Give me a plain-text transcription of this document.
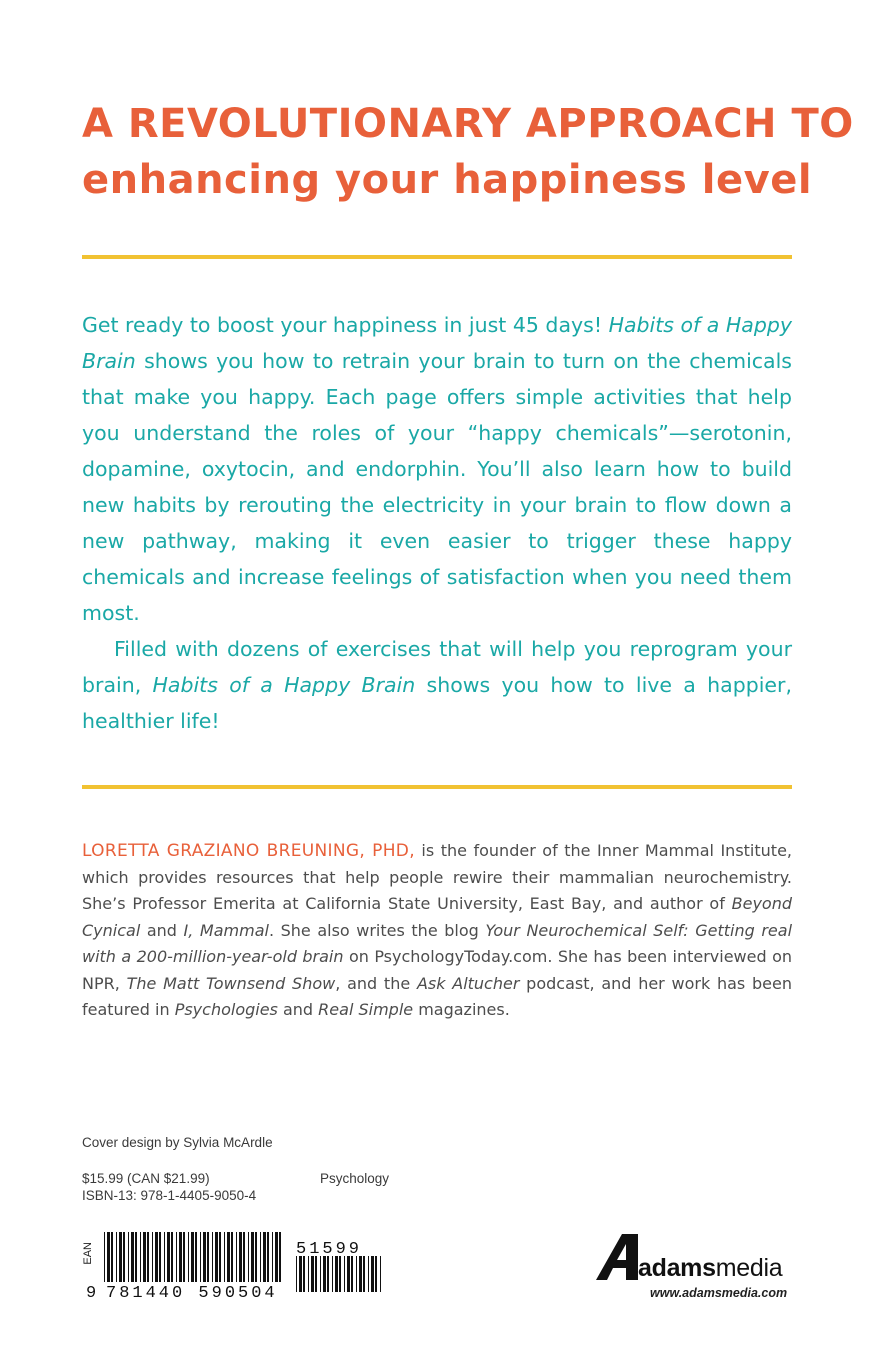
A REVOLUTIONARY APPROACH TO
enhancing your happiness level

Get ready to boost your happiness in just 45 days! Habits of a Happy Brain shows you how to retrain your brain to turn on the chemicals that make you happy. Each page offers simple activities that help you understand the roles of your “happy chemicals”—serotonin, dopamine, oxytocin, and endorphin. You’ll also learn how to build new habits by rerouting the electricity in your brain to flow down a new pathway, making it even easier to trigger these happy chemicals and increase feelings of satisfaction when you need them most.

Filled with dozens of exercises that will help you reprogram your brain, Habits of a Happy Brain shows you how to live a happier, healthier life!

LORETTA GRAZIANO BREUNING, PHD, is the founder of the Inner Mammal Institute, which provides resources that help people rewire their mammalian neurochemistry. She’s Professor Emerita at California State University, East Bay, and author of Beyond Cynical and I, Mammal. She also writes the blog Your Neurochemical Self: Getting real with a 200-million-year-old brain on PsychologyToday.com. She has been interviewed on NPR, The Matt Townsend Show, and the Ask Altucher podcast, and her work has been featured in Psychologies and Real Simple magazines.

Cover design by Sylvia McArdle
$15.99 (CAN $21.99)
ISBN-13: 978-1-4405-9050-4
Psychology
EAN
9 781440 590504
51599
adamsmedia
www.adamsmedia.com
